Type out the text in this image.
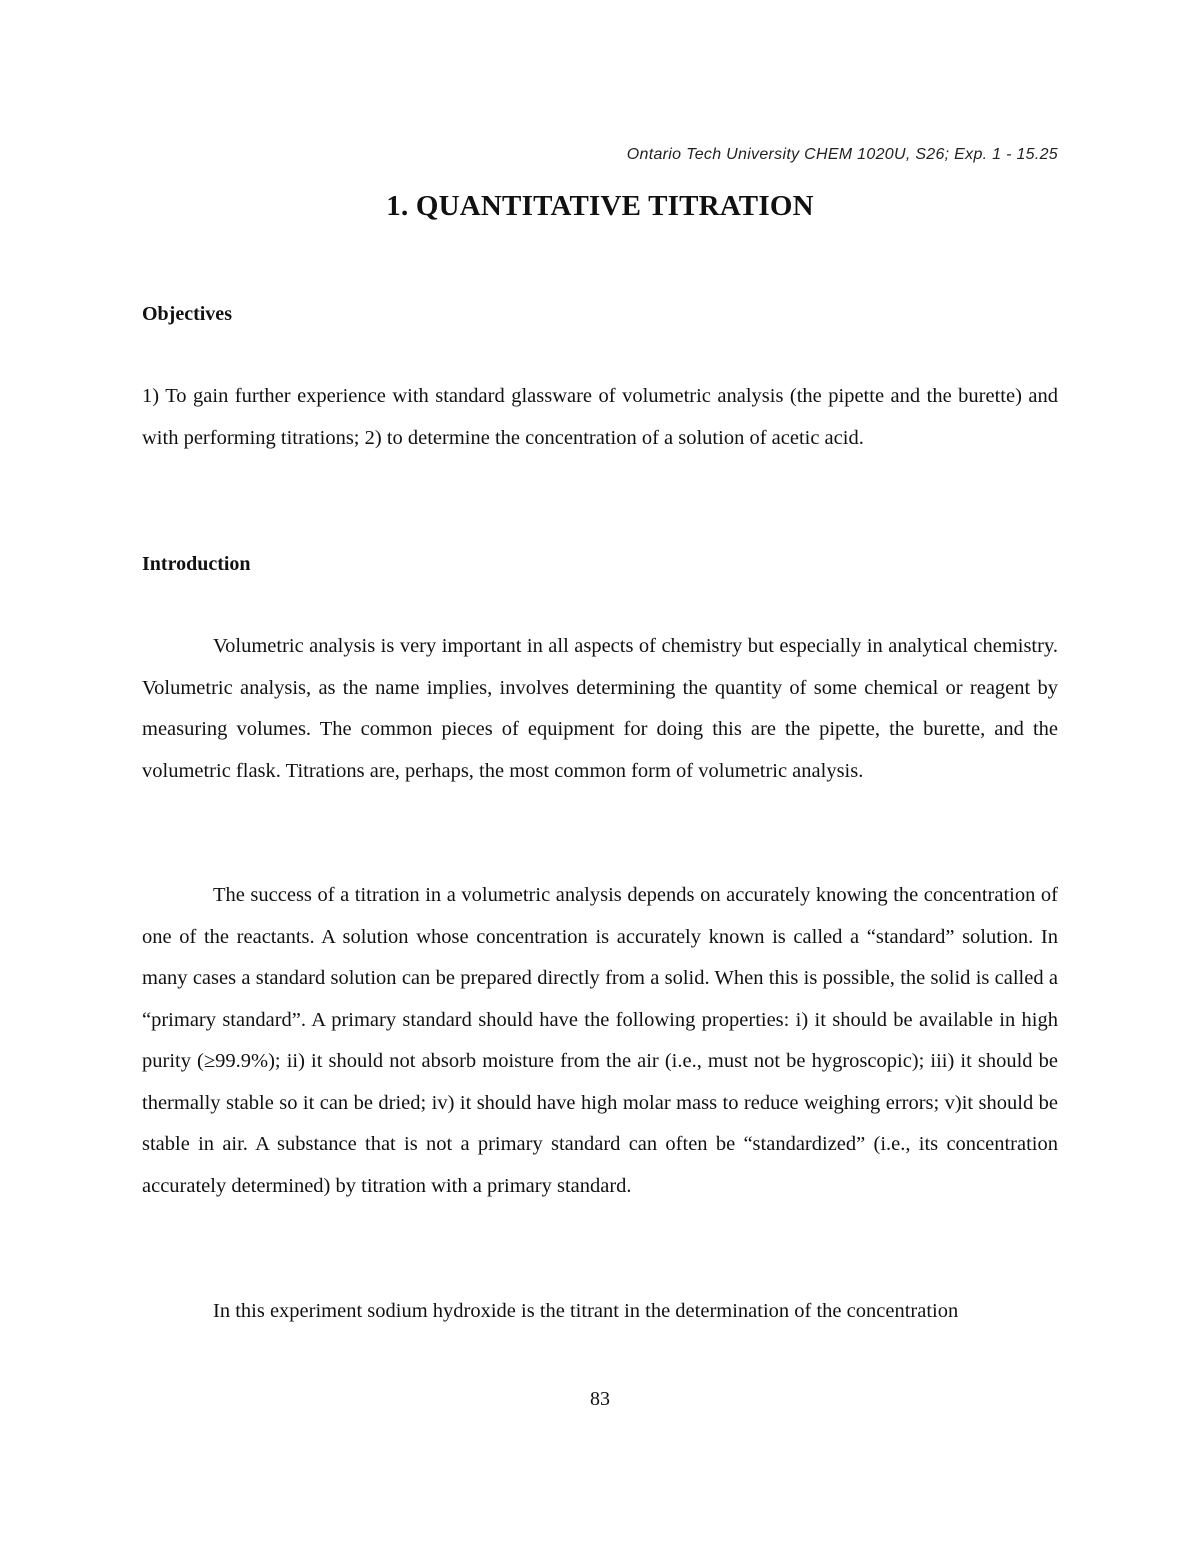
Ontario Tech University CHEM 1020U, S26; Exp. 1 - 15.25
1. QUANTITATIVE TITRATION
Objectives

1) To gain further experience with standard glassware of volumetric analysis (the pipette and the burette) and with performing titrations; 2) to determine the concentration of a solution of acetic acid.

Introduction

Volumetric analysis is very important in all aspects of chemistry but especially in analytical chemistry. Volumetric analysis, as the name implies, involves determining the quantity of some chemical or reagent by measuring volumes. The common pieces of equipment for doing this are the pipette, the burette, and the volumetric flask. Titrations are, perhaps, the most common form of volumetric analysis.

The success of a titration in a volumetric analysis depends on accurately knowing the concentration of one of the reactants. A solution whose concentration is accurately known is called a “standard” solution. In many cases a standard solution can be prepared directly from a solid. When this is possible, the solid is called a “primary standard”. A primary standard should have the following properties: i) it should be available in high purity (≥99.9%); ii) it should not absorb moisture from the air (i.e., must not be hygroscopic); iii) it should be thermally stable so it can be dried; iv) it should have high molar mass to reduce weighing errors; v)it should be stable in air. A substance that is not a primary standard can often be “standardized” (i.e., its concentration accurately determined) by titration with a primary standard.

In this experiment sodium hydroxide is the titrant in the determination of the concentration

83
